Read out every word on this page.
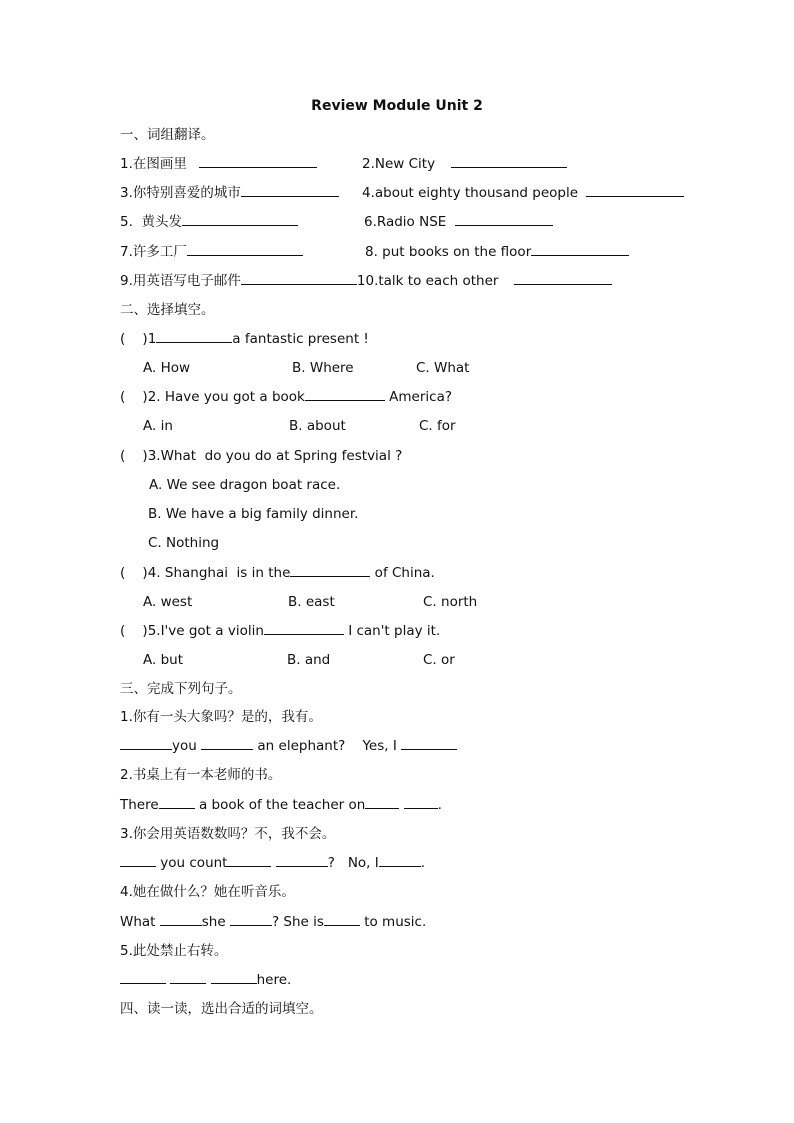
Review Module Unit 2
一、词组翻译。
1.在图画里	2.New City
3.你特别喜爱的城市	4.about eighty thousand people
5.  黄头发	6.Radio NSE
7.许多工厂	8. put books on the floor
9.用英语写电子邮件	10.talk to each other
二、选择填空。
(    )1	a fantastic present !
A. How	B. Where	C. What
(    )2. Have you got a book	America?
A. in	B. about	C. for
(    )3.What  do you do at Spring festvial ?
A. We see dragon boat race.
B. We have a big family dinner.
C. Nothing
(    )4. Shanghai  is in the	of China.
A. west	B. east	C. north
(    )5.I've got a violin	I can't play it.
A. but	B. and	C. or
三、完成下列句子。
1.你有一头大象吗？是的，我有。
you	an elephant?    Yes, I
2.书桌上有一本老师的书。
There	a book of the teacher on	.
3.你会用英语数数吗？不，我不会。
you count	?   No, I	.
4.她在做什么？她在听音乐。
What	she	? She is	to music.
5.此处禁止右转。
here.
四、读一读，选出合适的词填空。
